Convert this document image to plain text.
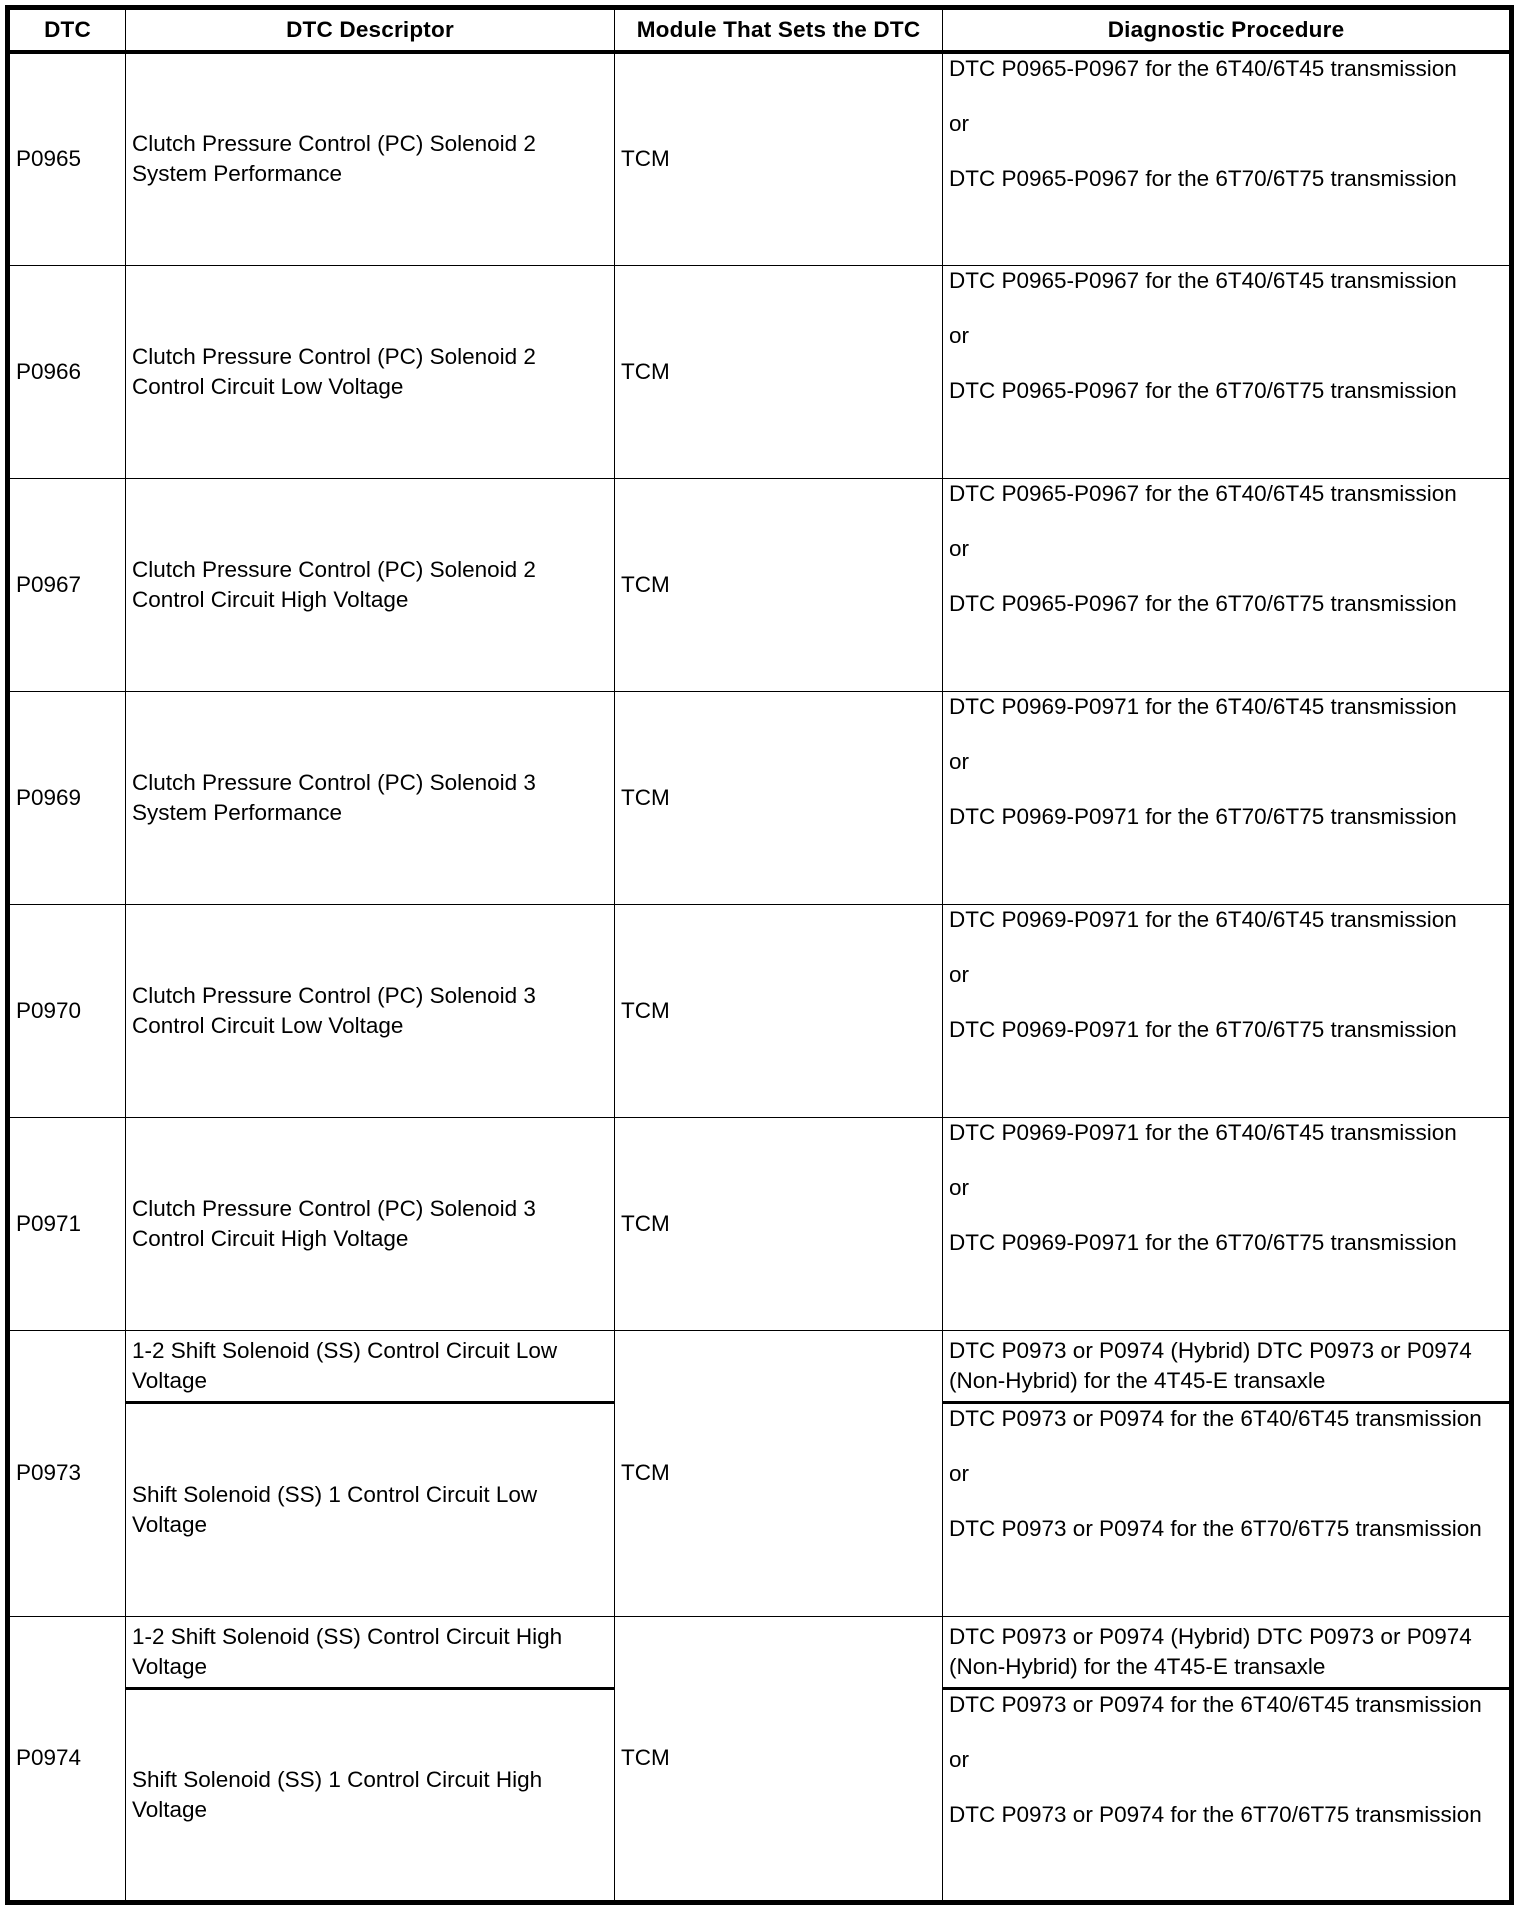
DTC	DTC Descriptor	Module That Sets the DTC	Diagnostic Procedure
P0965	Clutch Pressure Control (PC) Solenoid 2 System Performance	TCM	DTC P0965-P0967 for the 6T40/6T45 transmission
or
DTC P0965-P0967 for the 6T70/6T75 transmission

P0966	Clutch Pressure Control (PC) Solenoid 2 Control Circuit Low Voltage	TCM	DTC P0965-P0967 for the 6T40/6T45 transmission
or
DTC P0965-P0967 for the 6T70/6T75 transmission

P0967	Clutch Pressure Control (PC) Solenoid 2 Control Circuit High Voltage	TCM	DTC P0965-P0967 for the 6T40/6T45 transmission
or
DTC P0965-P0967 for the 6T70/6T75 transmission

P0969	Clutch Pressure Control (PC) Solenoid 3 System Performance	TCM	DTC P0969-P0971 for the 6T40/6T45 transmission
or
DTC P0969-P0971 for the 6T70/6T75 transmission

P0970	Clutch Pressure Control (PC) Solenoid 3 Control Circuit Low Voltage	TCM	DTC P0969-P0971 for the 6T40/6T45 transmission
or
DTC P0969-P0971 for the 6T70/6T75 transmission

P0971	Clutch Pressure Control (PC) Solenoid 3 Control Circuit High Voltage	TCM	DTC P0969-P0971 for the 6T40/6T45 transmission
or
DTC P0969-P0971 for the 6T70/6T75 transmission

P0973	1-2 Shift Solenoid (SS) Control Circuit Low Voltage	TCM	DTC P0973 or P0974 (Hybrid) DTC P0973 or P0974 (Non-Hybrid) for the 4T45-E transaxle
	Shift Solenoid (SS) 1 Control Circuit Low Voltage		DTC P0973 or P0974 for the 6T40/6T45 transmission
or
DTC P0973 or P0974 for the 6T70/6T75 transmission

P0974	1-2 Shift Solenoid (SS) Control Circuit High Voltage	TCM	DTC P0973 or P0974 (Hybrid) DTC P0973 or P0974 (Non-Hybrid) for the 4T45-E transaxle
	Shift Solenoid (SS) 1 Control Circuit High Voltage		DTC P0973 or P0974 for the 6T40/6T45 transmission
or
DTC P0973 or P0974 for the 6T70/6T75 transmission
